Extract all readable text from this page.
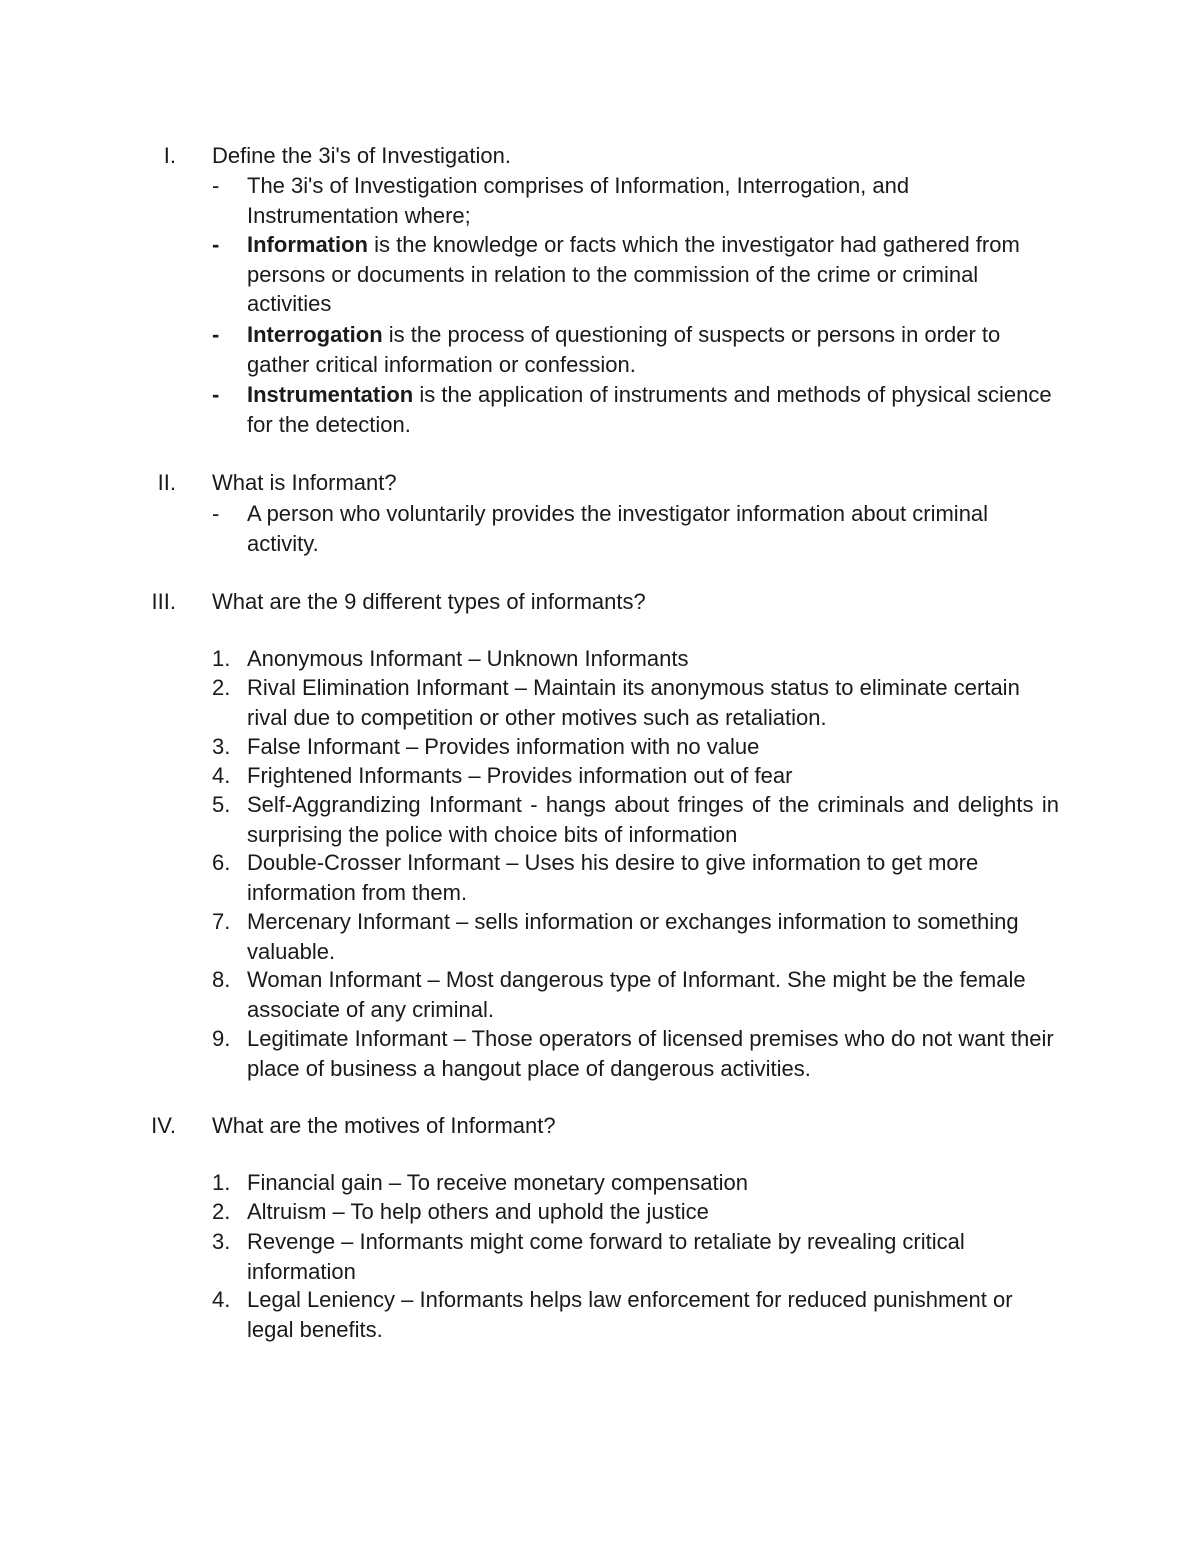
I. Define the 3i's of Investigation.
-	The 3i's of Investigation comprises of Information, Interrogation, and Instrumentation where;
-	Information is the knowledge or facts which the investigator had gathered from persons or documents in relation to the commission of the crime or criminal activities
-	Interrogation is the process of questioning of suspects or persons in order to gather critical information or confession.
-	Instrumentation is the application of instruments and methods of physical science for the detection.
II. What is Informant?
-	A person who voluntarily provides the investigator information about criminal activity.
III. What are the 9 different types of informants?
1. Anonymous Informant – Unknown Informants
2. Rival Elimination Informant – Maintain its anonymous status to eliminate certain rival due to competition or other motives such as retaliation.
3. False Informant – Provides information with no value
4. Frightened Informants – Provides information out of fear
5. Self-Aggrandizing Informant - hangs about fringes of the criminals and delights in surprising the police with choice bits of information
6. Double-Crosser Informant – Uses his desire to give information to get more information from them.
7. Mercenary Informant – sells information or exchanges information to something valuable.
8. Woman Informant – Most dangerous type of Informant. She might be the female associate of any criminal.
9. Legitimate Informant – Those operators of licensed premises who do not want their place of business a hangout place of dangerous activities.
IV. What are the motives of Informant?
1. Financial gain – To receive monetary compensation
2. Altruism – To help others and uphold the justice
3. Revenge – Informants might come forward to retaliate by revealing critical information
4. Legal Leniency – Informants helps law enforcement for reduced punishment or legal benefits.
